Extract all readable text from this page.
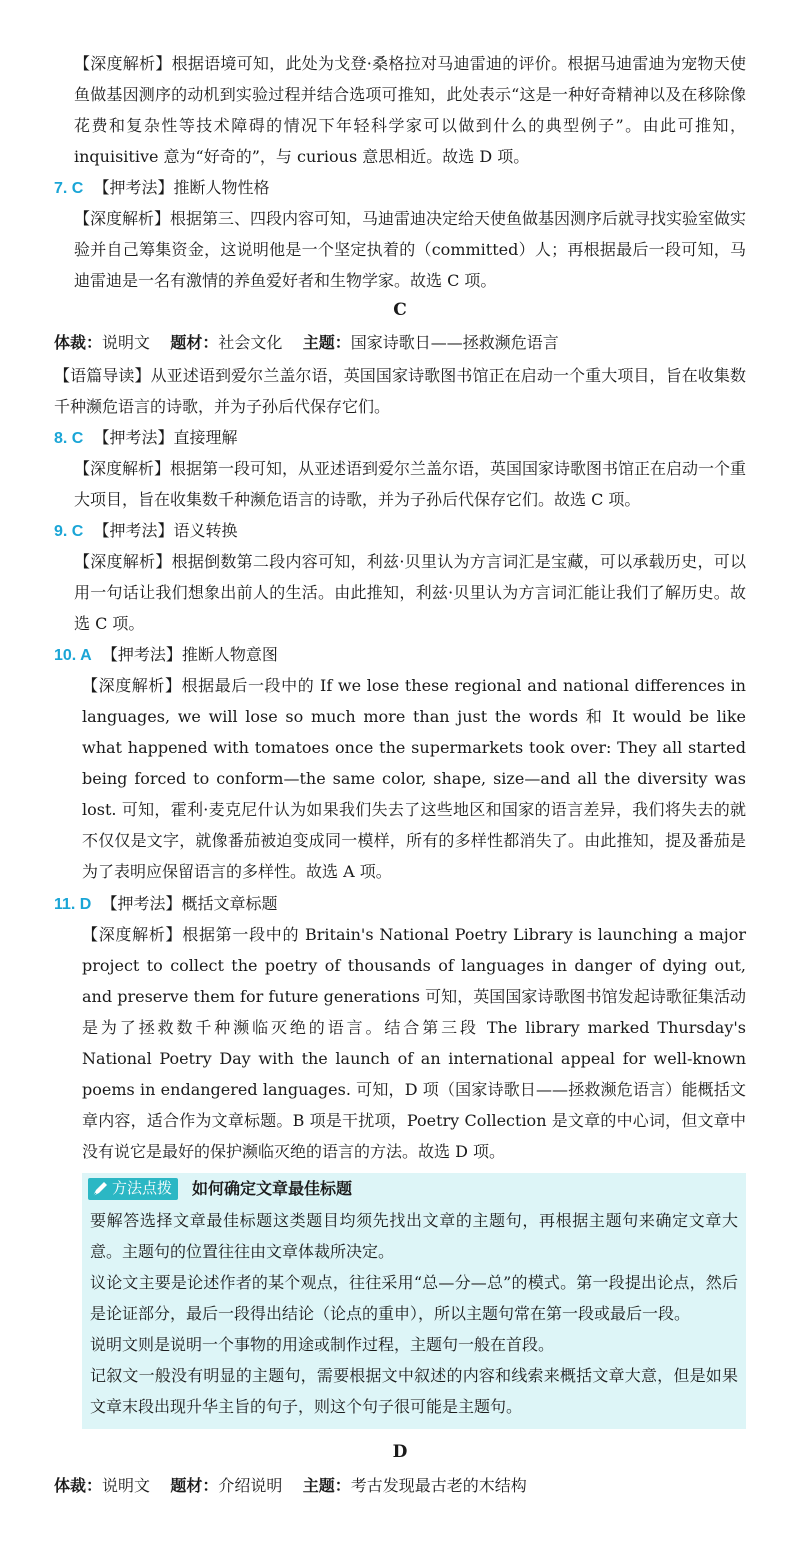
【深度解析】根据语境可知，此处为戈登·桑格拉对马迪雷迪的评价。根据马迪雷迪为宠物天使鱼做基因测序的动机到实验过程并结合选项可推知，此处表示“这是一种好奇精神以及在移除像花费和复杂性等技术障碍的情况下年轻科学家可以做到什么的典型例子”。由此可推知，inquisitive 意为“好奇的”，与 curious 意思相近。故选 D 项。

7. C 【押考法】推断人物性格

【深度解析】根据第三、四段内容可知，马迪雷迪决定给天使鱼做基因测序后就寻找实验室做实验并自己筹集资金，这说明他是一个坚定执着的（committed）人；再根据最后一段可知，马迪雷迪是一名有激情的养鱼爱好者和生物学家。故选 C 项。

C
体裁：说明文 题材：社会文化 主题：国家诗歌日——拯救濒危语言

【语篇导读】从亚述语到爱尔兰盖尔语，英国国家诗歌图书馆正在启动一个重大项目，旨在收集数千种濒危语言的诗歌，并为子孙后代保存它们。

8. C 【押考法】直接理解

【深度解析】根据第一段可知，从亚述语到爱尔兰盖尔语，英国国家诗歌图书馆正在启动一个重大项目，旨在收集数千种濒危语言的诗歌，并为子孙后代保存它们。故选 C 项。

9. C 【押考法】语义转换

【深度解析】根据倒数第二段内容可知，利兹·贝里认为方言词汇是宝藏，可以承载历史，可以用一句话让我们想象出前人的生活。由此推知，利兹·贝里认为方言词汇能让我们了解历史。故选 C 项。

10. A 【押考法】推断人物意图

【深度解析】根据最后一段中的 If we lose these regional and national differences in languages, we will lose so much more than just the words 和 It would be like what happened with tomatoes once the supermarkets took over: They all started being forced to conform—the same color, shape, size—and all the diversity was lost. 可知，霍利·麦克尼什认为如果我们失去了这些地区和国家的语言差异，我们将失去的就不仅仅是文字，就像番茄被迫变成同一模样，所有的多样性都消失了。由此推知，提及番茄是为了表明应保留语言的多样性。故选 A 项。

11. D 【押考法】概括文章标题

【深度解析】根据第一段中的 Britain's National Poetry Library is launching a major project to collect the poetry of thousands of languages in danger of dying out, and preserve them for future generations 可知，英国国家诗歌图书馆发起诗歌征集活动是为了拯救数千种濒临灭绝的语言。结合第三段 The library marked Thursday's National Poetry Day with the launch of an international appeal for well-known poems in endangered languages. 可知，D 项（国家诗歌日——拯救濒危语言）能概括文章内容，适合作为文章标题。B 项是干扰项，Poetry Collection 是文章的中心词，但文章中没有说它是最好的保护濒临灭绝的语言的方法。故选 D 项。

方法点拨	如何确定文章最佳标题

要解答选择文章最佳标题这类题目均须先找出文章的主题句，再根据主题句来确定文章大意。主题句的位置往往由文章体裁所决定。

议论文主要是论述作者的某个观点，往往采用“总—分—总”的模式。第一段提出论点，然后是论证部分，最后一段得出结论（论点的重申），所以主题句常在第一段或最后一段。

说明文则是说明一个事物的用途或制作过程，主题句一般在首段。

记叙文一般没有明显的主题句，需要根据文中叙述的内容和线索来概括文章大意，但是如果文章末段出现升华主旨的句子，则这个句子很可能是主题句。

D
体裁：说明文 题材：介绍说明 主题：考古发现最古老的木结构
